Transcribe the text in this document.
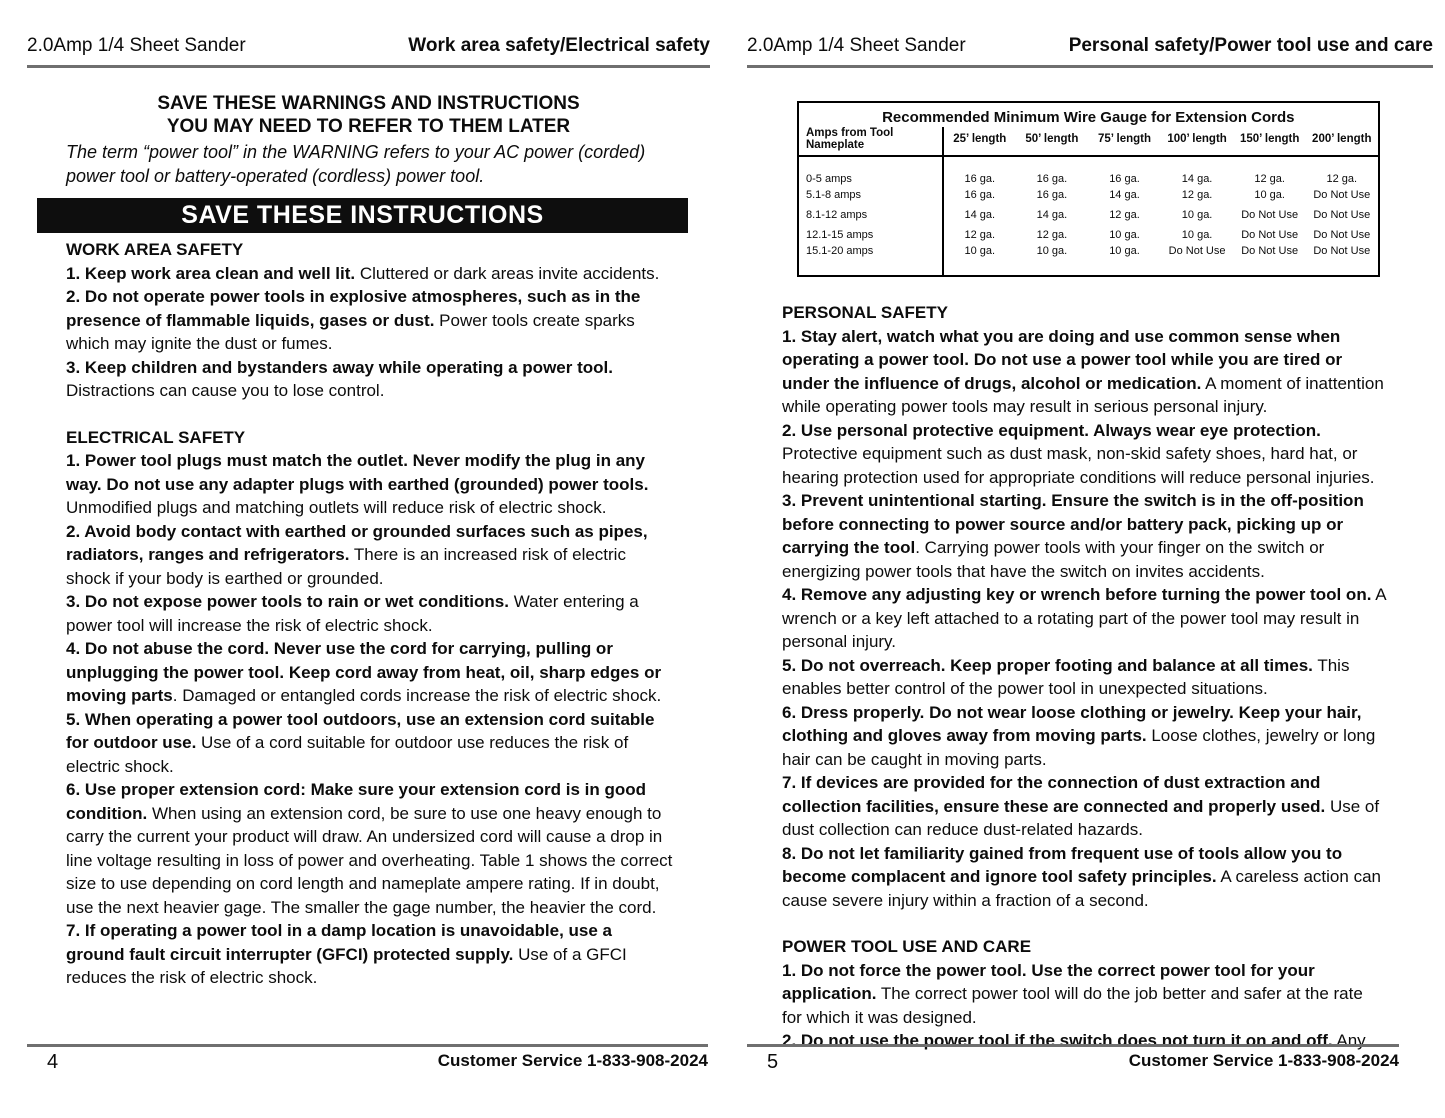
2.0Amp 1/4 Sheet Sander	Work area safety/Electrical safety
SAVE THESE WARNINGS AND INSTRUCTIONS
YOU MAY NEED TO REFER TO THEM LATER

The term “power tool” in the WARNING refers to your AC power (corded) power tool or battery-operated (cordless) power tool.

SAVE THESE INSTRUCTIONS
WORK AREA SAFETY

1. Keep work area clean and well lit. Cluttered or dark areas invite accidents.

2. Do not operate power tools in explosive atmospheres, such as in the presence of flammable liquids, gases or dust. Power tools create sparks which may ignite the dust or fumes.

3. Keep children and bystanders away while operating a power tool. Distractions can cause you to lose control.

ELECTRICAL SAFETY

1. Power tool plugs must match the outlet. Never modify the plug in any way. Do not use any adapter plugs with earthed (grounded) power tools. Unmodified plugs and matching outlets will reduce risk of electric shock.

2. Avoid body contact with earthed or grounded surfaces such as pipes, radiators, ranges and refrigerators. There is an increased risk of electric shock if your body is earthed or grounded.

3. Do not expose power tools to rain or wet conditions. Water entering a power tool will increase the risk of electric shock.

4. Do not abuse the cord. Never use the cord for carrying, pulling or unplugging the power tool. Keep cord away from heat, oil, sharp edges or moving parts. Damaged or entangled cords increase the risk of electric shock.

5. When operating a power tool outdoors, use an extension cord suitable for outdoor use. Use of a cord suitable for outdoor use reduces the risk of electric shock.

6. Use proper extension cord: Make sure your extension cord is in good condition. When using an extension cord, be sure to use one heavy enough to carry the current your product will draw. An undersized cord will cause a drop in line voltage resulting in loss of power and overheating. Table 1 shows the correct size to use depending on cord length and nameplate ampere rating. If in doubt, use the next heavier gage. The smaller the gage number, the heavier the cord.

7. If operating a power tool in a damp location is unavoidable, use a ground fault circuit interrupter (GFCI) protected supply. Use of a GFCI reduces the risk of electric shock.

4	Customer Service 1-833-908-2024
2.0Amp 1/4 Sheet Sander	Personal safety/Power tool use and care
Recommended Minimum Wire Gauge for Extension Cords						
Amps from Tool Nameplate	25’ length	50’ length	75’ length	100’ length	150’ length	200’ length
0-5 amps	16 ga.	16 ga.	16 ga.	14 ga.	12 ga.	12 ga.
5.1-8 amps	16 ga.	16 ga.	14 ga.	12 ga.	10 ga.	Do Not Use
8.1-12 amps	14 ga.	14 ga.	12 ga.	10 ga.	Do Not Use	Do Not Use
12.1-15 amps	12 ga.	12 ga.	10 ga.	10 ga.	Do Not Use	Do Not Use
15.1-20 amps	10 ga.	10 ga.	10 ga.	Do Not Use	Do Not Use	Do Not Use
PERSONAL SAFETY

1. Stay alert, watch what you are doing and use common sense when operating a power tool. Do not use a power tool while you are tired or under the influence of drugs, alcohol or medication. A moment of inattention while operating power tools may result in serious personal injury.

2. Use personal protective equipment. Always wear eye protection. Protective equipment such as dust mask, non-skid safety shoes, hard hat, or hearing protection used for appropriate conditions will reduce personal injuries.

3. Prevent unintentional starting. Ensure the switch is in the off-position before connecting to power source and/or battery pack, picking up or carrying the tool. Carrying power tools with your finger on the switch or energizing power tools that have the switch on invites accidents.

4. Remove any adjusting key or wrench before turning the power tool on. A wrench or a key left attached to a rotating part of the power tool may result in personal injury.

5. Do not overreach. Keep proper footing and balance at all times. This enables better control of the power tool in unexpected situations.

6. Dress properly. Do not wear loose clothing or jewelry. Keep your hair, clothing and gloves away from moving parts. Loose clothes, jewelry or long hair can be caught in moving parts.

7. If devices are provided for the connection of dust extraction and collection facilities, ensure these are connected and properly used. Use of dust collection can reduce dust-related hazards.

8. Do not let familiarity gained from frequent use of tools allow you to become complacent and ignore tool safety principles. A careless action can cause severe injury within a fraction of a second.

POWER TOOL USE AND CARE

1. Do not force the power tool. Use the correct power tool for your application. The correct power tool will do the job better and safer at the rate for which it was designed.

2. Do not use the power tool if the switch does not turn it on and off. Any

5	Customer Service 1-833-908-2024
